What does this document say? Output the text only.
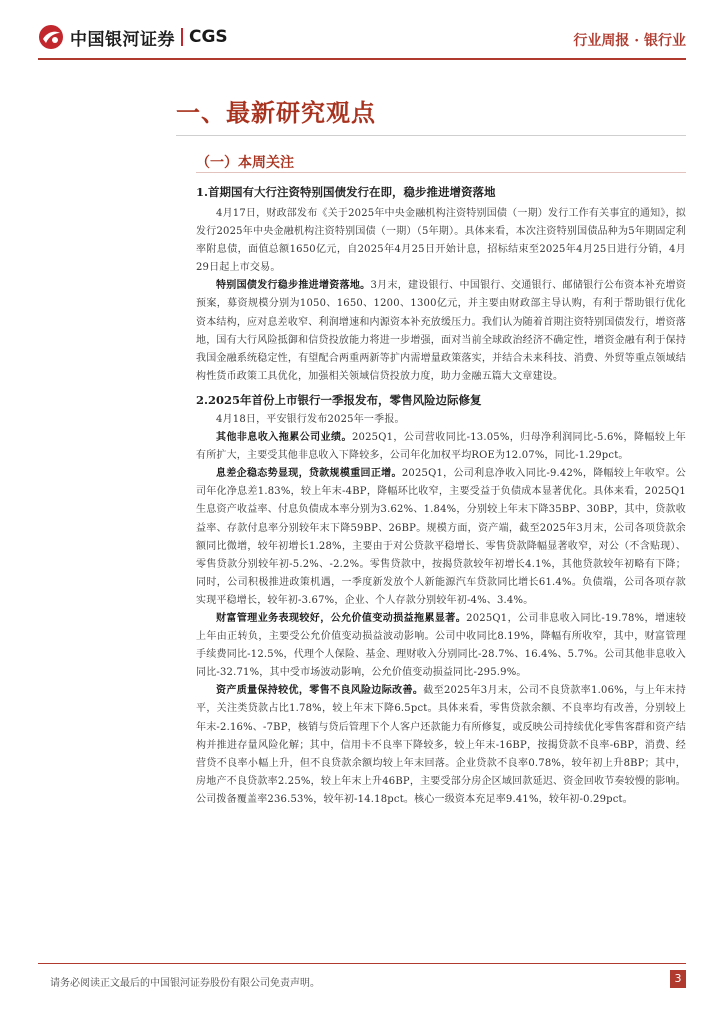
中国银河证券 CGS	行业周报 · 银行业
一、最新研究观点
（一）本周关注
1.首期国有大行注资特别国债发行在即，稳步推进增资落地

4月17日，财政部发布《关于2025年中央金融机构注资特别国债（一期）发行工作有关事宜的通知》，拟发行2025年中央金融机构注资特别国债（一期）（5年期）。具体来看，本次注资特别国债品种为5年期固定利率附息债，面值总额1650亿元，自2025年4月25日开始计息，招标结束至2025年4月25日进行分销，4月29日起上市交易。

特别国债发行稳步推进增资落地。3月末，建设银行、中国银行、交通银行、邮储银行公布资本补充增资预案，募资规模分别为1050、1650、1200、1300亿元，并主要由财政部主导认购，有利于帮助银行优化资本结构，应对息差收窄、利润增速和内源资本补充放缓压力。我们认为随着首期注资特别国债发行，增资落地，国有大行风险抵御和信贷投放能力将进一步增强，面对当前全球政治经济不确定性，增资金融有利于保持我国金融系统稳定性，有望配合两重两新等扩内需增量政策落实，并结合未来科技、消费、外贸等重点领域结构性货币政策工具优化，加强相关领域信贷投放力度，助力金融五篇大文章建设。

2.2025年首份上市银行一季报发布，零售风险边际修复

4月18日，平安银行发布2025年一季报。

其他非息收入拖累公司业绩。2025Q1，公司营收同比-13.05%，归母净利润同比-5.6%，降幅较上年有所扩大，主要受其他非息收入下降较多，公司年化加权平均ROE为12.07%，同比-1.29pct。

息差企稳态势显现，贷款规模重回正增。2025Q1，公司利息净收入同比-9.42%，降幅较上年收窄。公司年化净息差1.83%，较上年末-4BP，降幅环比收窄，主要受益于负债成本显著优化。具体来看，2025Q1生息资产收益率、付息负债成本率分别为3.62%、1.84%，分别较上年末下降35BP、30BP，其中，贷款收益率、存款付息率分别较年末下降59BP、26BP。规模方面，资产端，截至2025年3月末，公司各项贷款余额同比微增，较年初增长1.28%，主要由于对公贷款平稳增长、零售贷款降幅显著收窄，对公（不含贴现）、零售贷款分别较年初-5.2%、-2.2%。零售贷款中，按揭贷款较年初增长4.1%，其他贷款较年初略有下降；同时，公司积极推进政策机遇，一季度新发放个人新能源汽车贷款同比增长61.4%。负债端，公司各项存款实现平稳增长，较年初-3.67%，企业、个人存款分别较年初-4%、3.4%。

财富管理业务表现较好，公允价值变动损益拖累显著。2025Q1，公司非息收入同比-19.78%，增速较上年由正转负，主要受公允价值变动损益波动影响。公司中收同比8.19%，降幅有所收窄，其中，财富管理手续费同比-12.5%，代理个人保险、基金、理财收入分别同比-28.7%、16.4%、5.7%。公司其他非息收入同比-32.71%，其中受市场波动影响，公允价值变动损益同比-295.9%。

资产质量保持较优，零售不良风险边际改善。截至2025年3月末，公司不良贷款率1.06%，与上年末持平，关注类贷款占比1.78%，较上年末下降6.5pct。具体来看，零售贷款余额、不良率均有改善，分别较上年末-2.16%、-7BP，核销与贷后管理下个人客户还款能力有所修复，或反映公司持续优化零售客群和资产结构并推进存量风险化解；其中，信用卡不良率下降较多，较上年末-16BP，按揭贷款不良率-6BP，消费、经营贷不良率小幅上升，但不良贷款余额均较上年末回落。企业贷款不良率0.78%，较年初上升8BP；其中，房地产不良贷款率2.25%，较上年末上升46BP，主要受部分房企区域回款延迟、资金回收节奏较慢的影响。公司拨备覆盖率236.53%，较年初-14.18pct。核心一级资本充足率9.41%，较年初-0.29pct。

请务必阅读正文最后的中国银河证券股份有限公司免责声明。	3
